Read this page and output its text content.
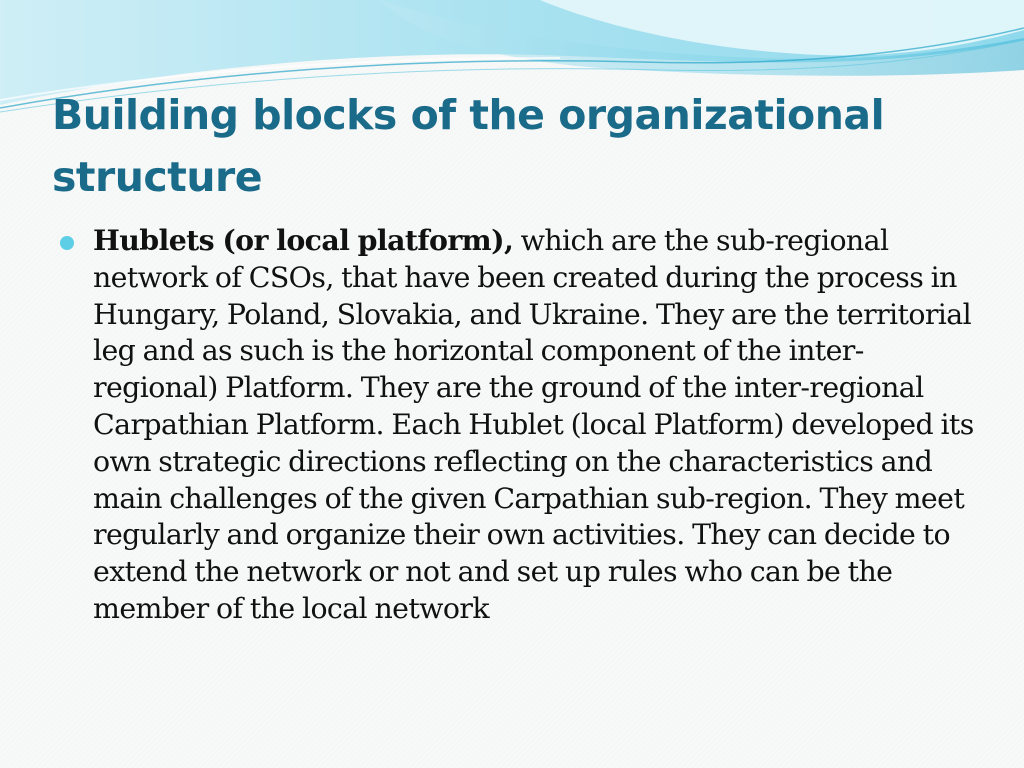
Building blocks of the organizational structure

Hublets (or local platform), which are the sub-regional network of CSOs, that have been created during the process in Hungary, Poland, Slovakia, and Ukraine. They are the territorial leg and as such is the horizontal component of the inter-regional) Platform. They are the ground of the inter-regional Carpathian Platform. Each Hublet (local Platform) developed its own strategic directions reflecting on the characteristics and main challenges of the given Carpathian sub-region. They meet regularly and organize their own activities. They can decide to extend the network or not and set up rules who can be the member of the local network
